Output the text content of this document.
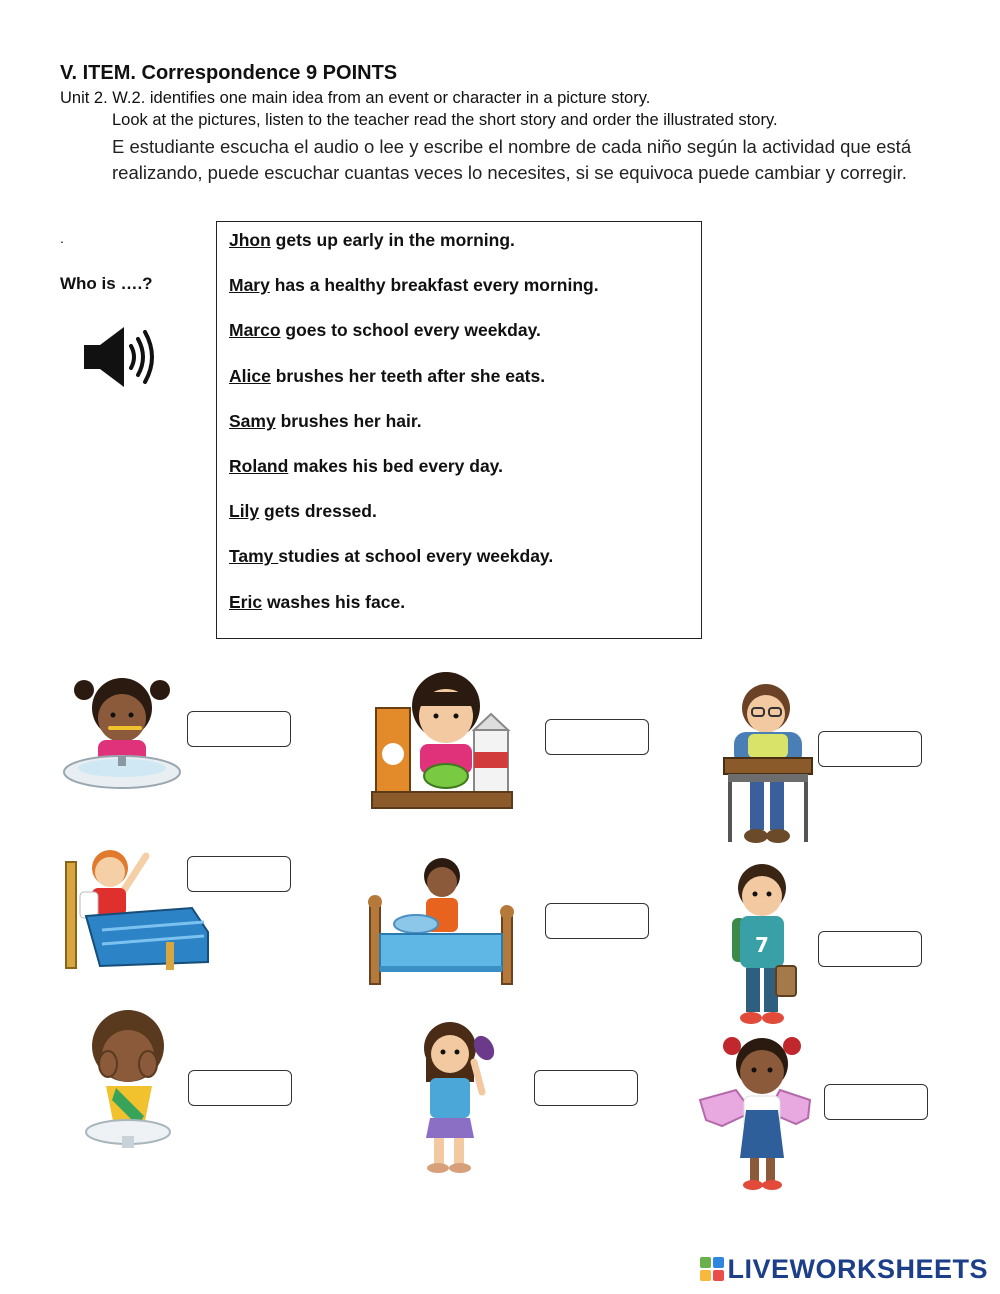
V. ITEM. Correspondence 9 POINTS
Unit 2. W.2. identifies one main idea from an event or character in a picture story.
Look at the pictures, listen to the teacher read the short story and order the illustrated story.
E estudiante escucha el audio o lee y escribe el nombre de cada niño según la actividad que está realizando, puede escuchar cuantas veces lo necesites, si se equivoca puede cambiar y corregir.
.
Who is ….?
Jhon gets up early in the morning.
Mary has a healthy breakfast every morning.
Marco goes to school every weekday.
Alice brushes her teeth after she eats.
Samy brushes her hair.
Roland makes his bed every day.
Lily gets dressed.
Tamy studies at school every weekday.
Eric washes his face.
7
LIVEWORKSHEETS
